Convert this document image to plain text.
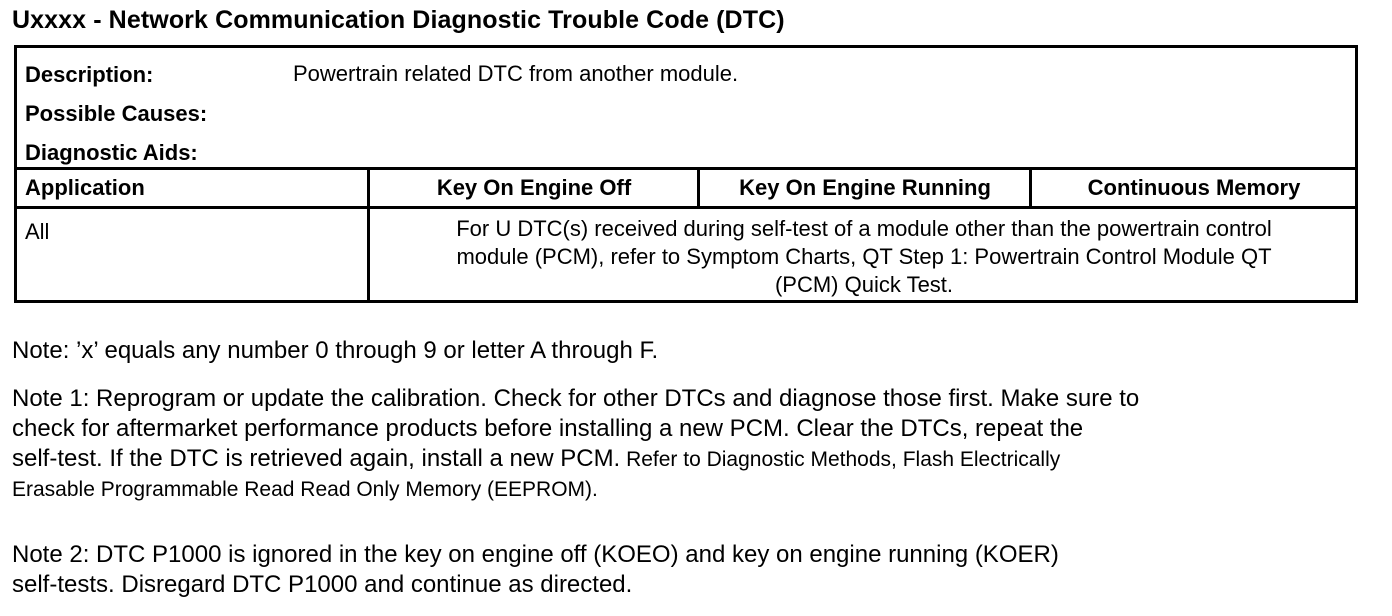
Uxxxx - Network Communication Diagnostic Trouble Code (DTC)
Description:	Powertrain related DTC from another module.
Possible Causes:
Diagnostic Aids:
Application	Key On Engine Off	Key On Engine Running	Continuous Memory
All	For U DTC(s) received during self-test of a module other than the powertrain control
module (PCM), refer to Symptom Charts, QT Step 1: Powertrain Control Module QT
(PCM) Quick Test.
Note: ’x’ equals any number 0 through 9 or letter A through F.
Note 1: Reprogram or update the calibration. Check for other DTCs and diagnose those first. Make sure to
check for aftermarket performance products before installing a new PCM. Clear the DTCs, repeat the
self-test. If the DTC is retrieved again, install a new PCM. Refer to Diagnostic Methods, Flash Electrically
Erasable Programmable Read Read Only Memory (EEPROM).
Note 2: DTC P1000 is ignored in the key on engine off (KOEO) and key on engine running (KOER)
self-tests. Disregard DTC P1000 and continue as directed.
